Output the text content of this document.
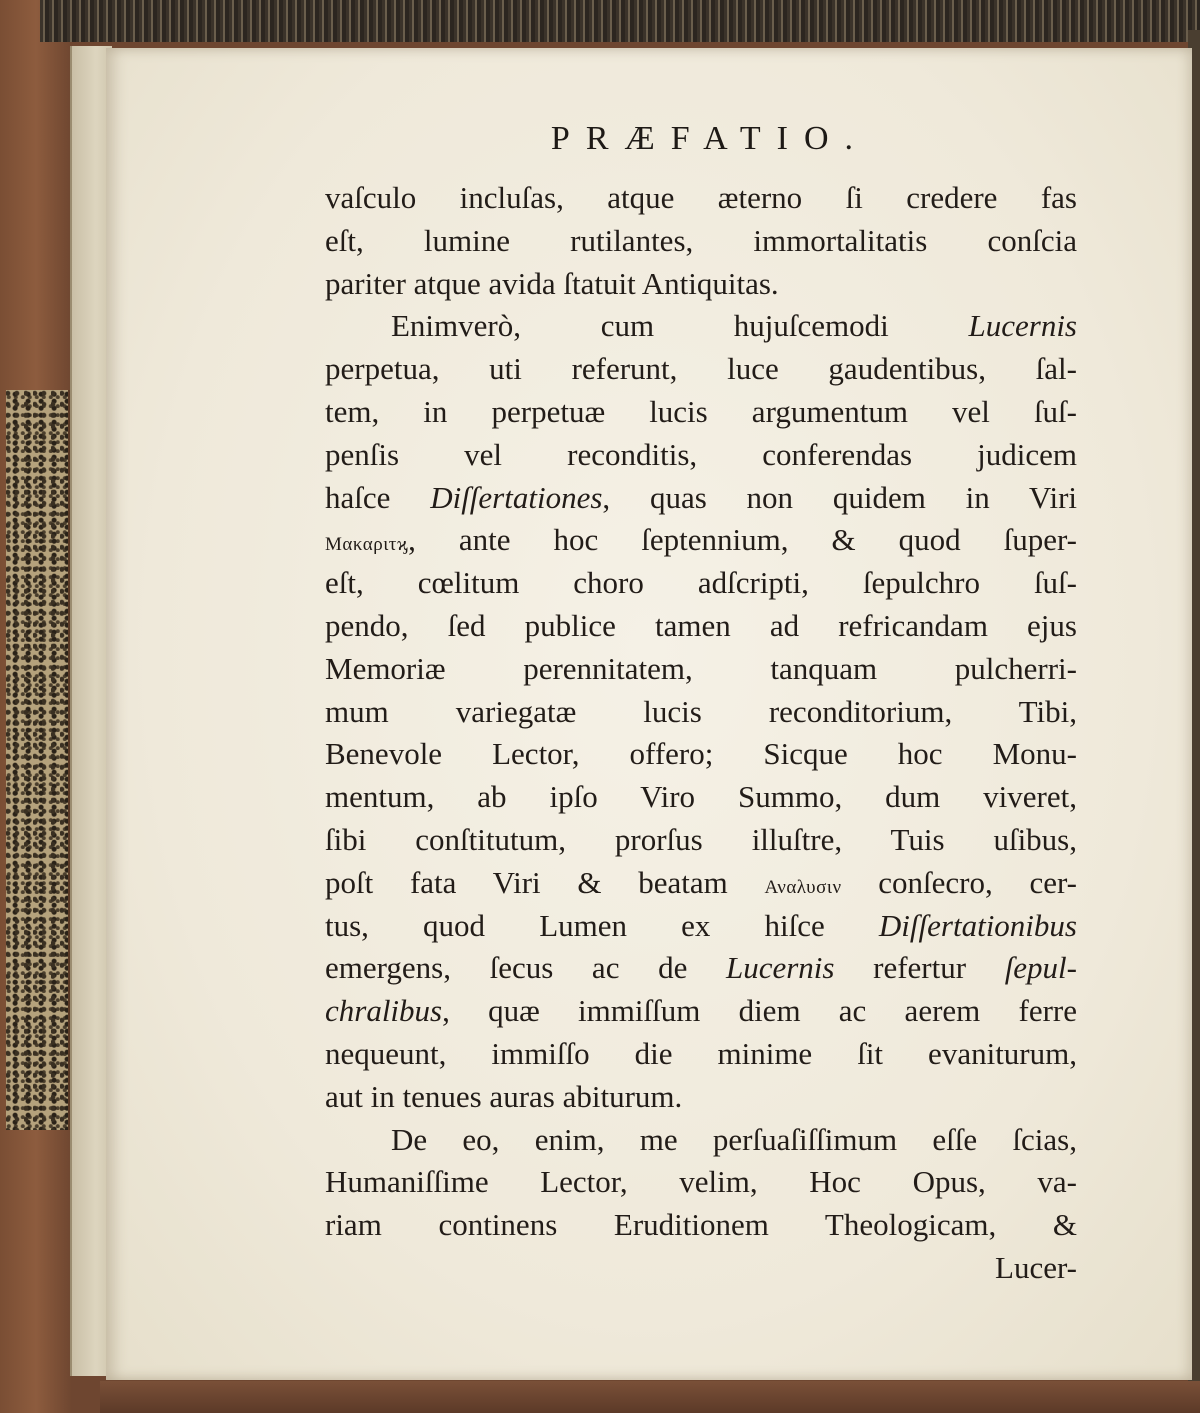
PRÆFATIO.
vaſculo incluſas, atque æterno ſi credere fas
eſt, lumine rutilantes, immortalitatis conſcia
pariter atque avida ſtatuit Antiquitas.
Enimverò, cum hujuſcemodi Lucernis
perpetua, uti referunt, luce gaudentibus, ſal-
tem, in perpetuæ lucis argumentum vel ſuſ-
penſis vel reconditis, conferendas judicem
haſce Diſſertationes, quas non quidem in Viri
Μακαριτϗ, ante hoc ſeptennium, & quod ſuper-
eſt, cœlitum choro adſcripti, ſepulchro ſuſ-
pendo, ſed publice tamen ad refricandam ejus
Memoriæ perennitatem, tanquam pulcherri-
mum variegatæ lucis reconditorium, Tibi,
Benevole Lector, offero; Sicque hoc Monu-
mentum, ab ipſo Viro Summo, dum viveret,
ſibi conſtitutum, prorſus illuſtre, Tuis uſibus,
poſt fata Viri & beatam Αναλυσιν conſecro, cer-
tus, quod Lumen ex hiſce Diſſertationibus
emergens, ſecus ac de Lucernis refertur ſepul-
chralibus, quæ immiſſum diem ac aerem ferre
nequeunt, immiſſo die minime ſit evaniturum,
aut in tenues auras abiturum.
De eo, enim, me perſuaſiſſimum eſſe ſcias,
Humaniſſime Lector, velim, Hoc Opus, va-
riam continens Eruditionem Theologicam, &
Lucer-
